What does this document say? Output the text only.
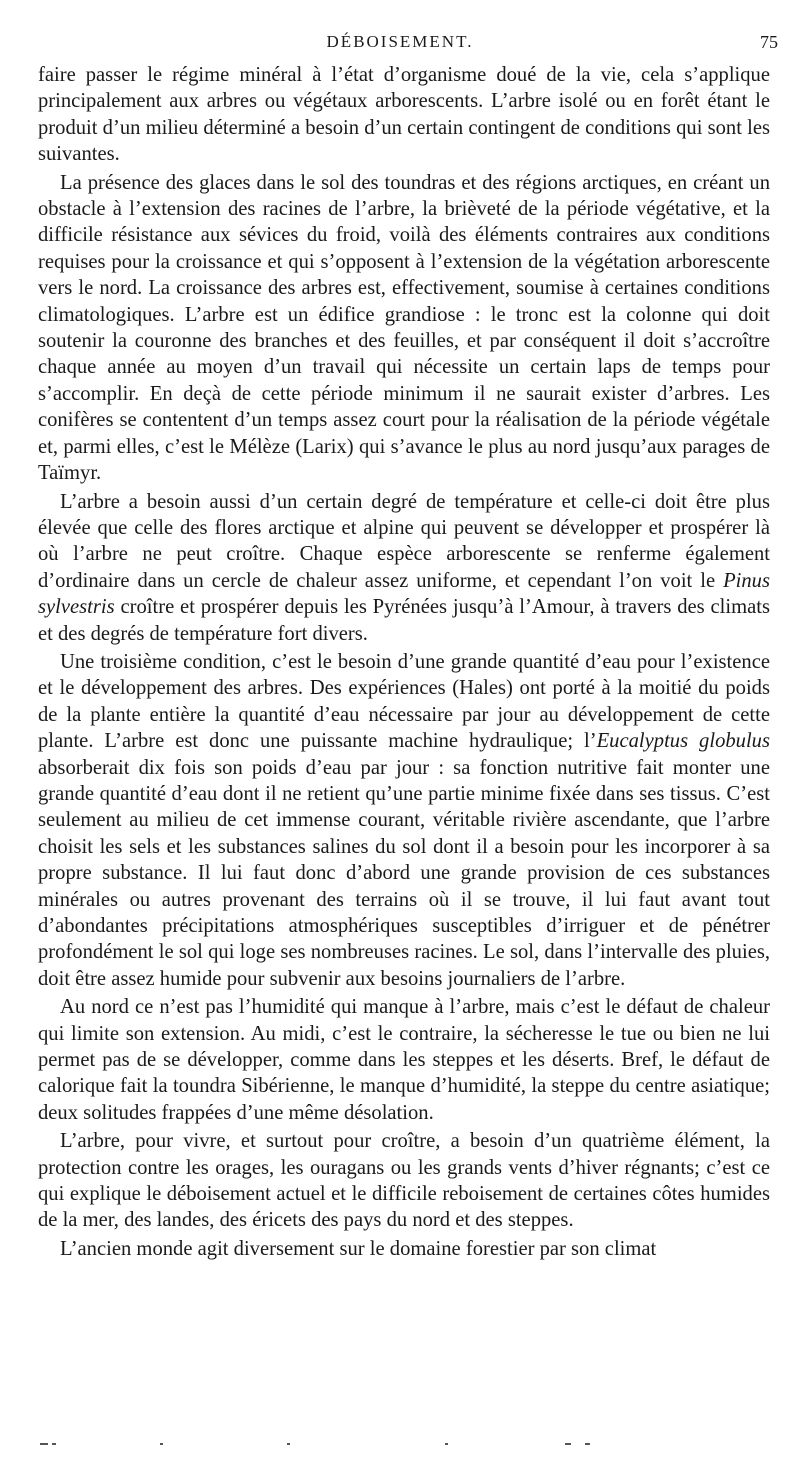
DÉBOISEMENT.	75

faire passer le régime minéral à l’état d’organisme doué de la vie, cela s’applique principalement aux arbres ou végétaux arborescents. L’arbre isolé ou en forêt étant le produit d’un milieu déterminé a besoin d’un certain contingent de conditions qui sont les suivantes.

La présence des glaces dans le sol des toundras et des régions arctiques, en créant un obstacle à l’extension des racines de l’arbre, la brièveté de la période végétative, et la difficile résistance aux sévices du froid, voilà des éléments contraires aux conditions requises pour la croissance et qui s’opposent à l’extension de la végétation arborescente vers le nord. La croissance des arbres est, effectivement, soumise à certaines conditions climatologiques. L’arbre est un édifice grandiose : le tronc est la colonne qui doit soutenir la couronne des branches et des feuilles, et par conséquent il doit s’accroître chaque année au moyen d’un travail qui nécessite un certain laps de temps pour s’accomplir. En deçà de cette période minimum il ne saurait exister d’arbres. Les conifères se contentent d’un temps assez court pour la réalisation de la période végétale et, parmi elles, c’est le Mélèze (Larix) qui s’avance le plus au nord jusqu’aux parages de Taïmyr.

L’arbre a besoin aussi d’un certain degré de température et celle-ci doit être plus élevée que celle des flores arctique et alpine qui peuvent se développer et prospérer là où l’arbre ne peut croître. Chaque espèce arborescente se renferme également d’ordinaire dans un cercle de chaleur assez uniforme, et cependant l’on voit le Pinus sylvestris croître et prospérer depuis les Pyrénées jusqu’à l’Amour, à travers des climats et des degrés de température fort divers.

Une troisième condition, c’est le besoin d’une grande quantité d’eau pour l’existence et le développement des arbres. Des expériences (Hales) ont porté à la moitié du poids de la plante entière la quantité d’eau nécessaire par jour au développement de cette plante. L’arbre est donc une puissante machine hydraulique; l’Eucalyptus globulus absorberait dix fois son poids d’eau par jour : sa fonction nutritive fait monter une grande quantité d’eau dont il ne retient qu’une partie minime fixée dans ses tissus. C’est seulement au milieu de cet immense courant, véritable rivière ascendante, que l’arbre choisit les sels et les substances salines du sol dont il a besoin pour les incorporer à sa propre substance. Il lui faut donc d’abord une grande provision de ces substances minérales ou autres provenant des terrains où il se trouve, il lui faut avant tout d’abondantes précipitations atmosphériques susceptibles d’irriguer et de pénétrer profondément le sol qui loge ses nombreuses racines. Le sol, dans l’intervalle des pluies, doit être assez humide pour subvenir aux besoins journaliers de l’arbre.

Au nord ce n’est pas l’humidité qui manque à l’arbre, mais c’est le défaut de chaleur qui limite son extension. Au midi, c’est le contraire, la sécheresse le tue ou bien ne lui permet pas de se développer, comme dans les steppes et les déserts. Bref, le défaut de calorique fait la toundra Sibérienne, le manque d’humidité, la steppe du centre asiatique; deux solitudes frappées d’une même désolation.

L’arbre, pour vivre, et surtout pour croître, a besoin d’un quatrième élément, la protection contre les orages, les ouragans ou les grands vents d’hiver régnants; c’est ce qui explique le déboisement actuel et le difficile reboisement de certaines côtes humides de la mer, des landes, des éricets des pays du nord et des steppes.

L’ancien monde agit diversement sur le domaine forestier par son climat
